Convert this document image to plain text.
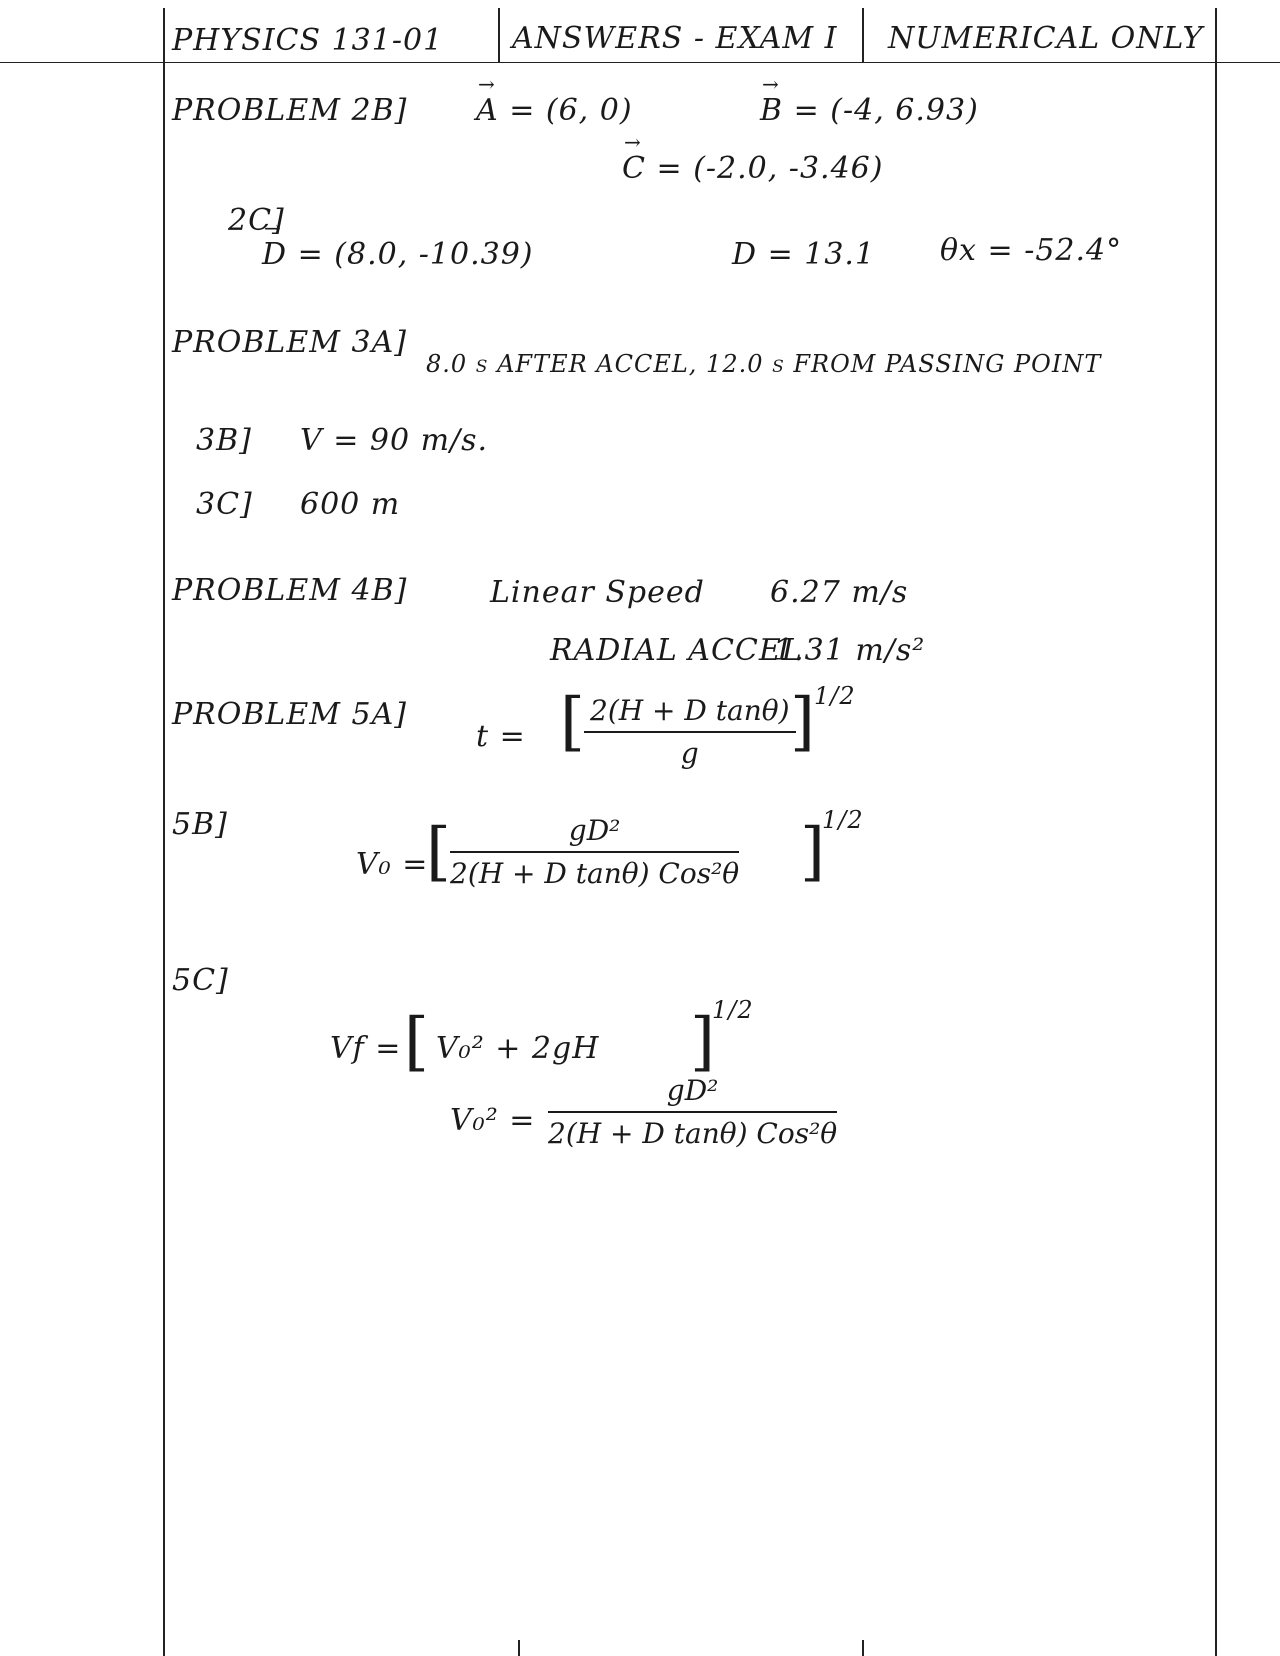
PHYSICS 131-01 ANSWERS - EXAM I NUMERICAL ONLY
PROBLEM 2B] → A = (6, 0)	→ B = (-4, 6.93)
→ C = (-2.0, -3.46)
2C]
→ D = (8.0, -10.39)	D = 13.1 θx = -52.4°
PROBLEM 3A]
8.0 s AFTER ACCEL, 12.0 s FROM PASSING POINT
3B] V = 90 m/s.
3C] 600 m
PROBLEM 4B]	Linear Speed 6.27 m/s
RADIAL ACCEL
1.31 m/s²
PROBLEM 5A]
t = [ $\frac{\text{2(H + D tanθ)}}{g}$
] 1/2
5B]
V₀ =
[	gD²
2(H + D tanθ) Cos²θ ]
1/2
5C]
Vf = [ V₀² + 2gH ]
1/2
V₀² =
gD²
2(H + D tanθ) Cos²θ
